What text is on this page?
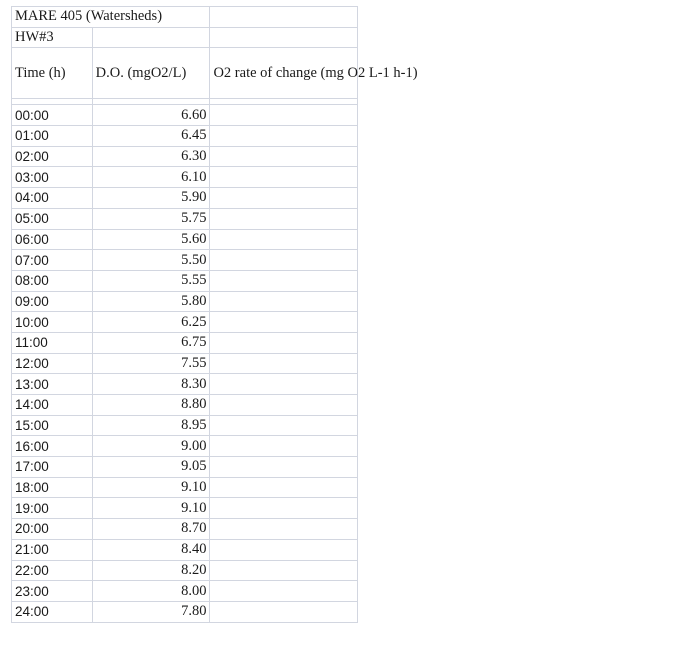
MARE 405 (Watersheds)		
HW#3		
Time (h)	D.O. (mgO2/L)	O2 rate of change (mg O2 L-1 h-1)

00:00	6.60	
01:00	6.45	
02:00	6.30	
03:00	6.10	
04:00	5.90	
05:00	5.75	
06:00	5.60	
07:00	5.50	
08:00	5.55	
09:00	5.80	
10:00	6.25	
11:00	6.75	
12:00	7.55	
13:00	8.30	
14:00	8.80	
15:00	8.95	
16:00	9.00	
17:00	9.05	
18:00	9.10	
19:00	9.10	
20:00	8.70	
21:00	8.40	
22:00	8.20	
23:00	8.00	
24:00	7.80	
